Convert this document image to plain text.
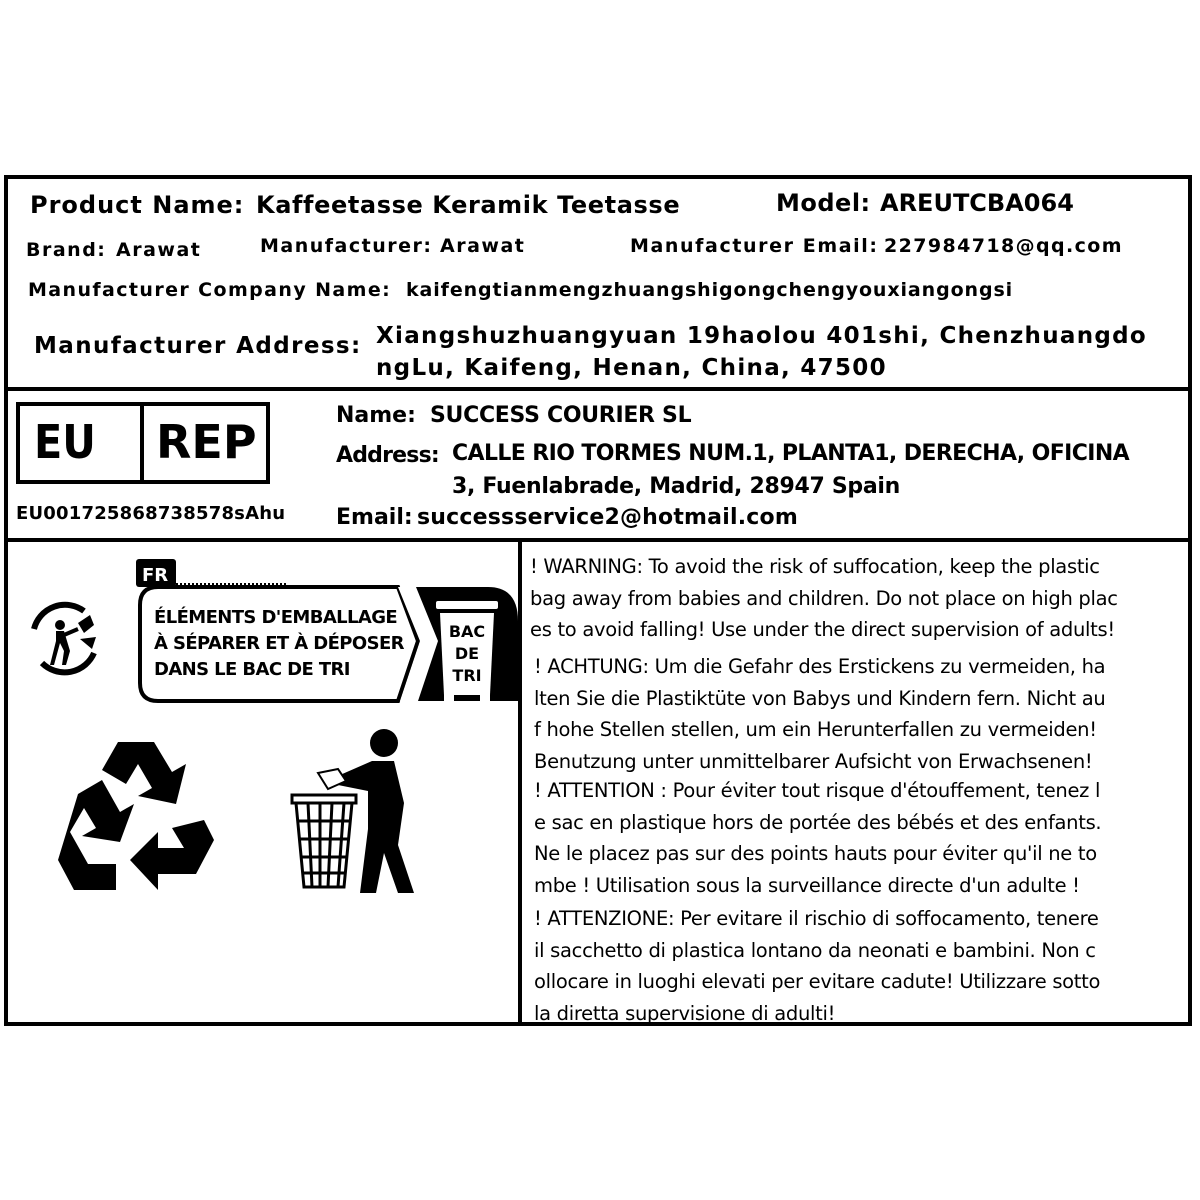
Product Name: Kaffeetasse Keramik Teetasse	Model: AREUTCBA064
Brand: Arawat	Manufacturer: Arawat	Manufacturer Email: 227984718@qq.com
Manufacturer Company Name: kaifengtianmengzhuangshigongchengyouxiangongsi
Manufacturer Address: Xiangshuzhuangyuan 19haolou 401shi, Chenzhuangdo
ngLu, Kaifeng, Henan, China, 47500
EU REP
EU001725868738578sAhu
Name: SUCCESS COURIER SL
Address: CALLE RIO TORMES NUM.1, PLANTA1, DERECHA, OFICINA
3, Fuenlabrade, Madrid, 28947 Spain
Email: successservice2@hotmail.com
FR
BAC
DE
TRI
ÉLÉMENTS D'EMBALLAGE
À SÉPARER ET À DÉPOSER
DANS LE BAC DE TRI
! WARNING: To avoid the risk of suffocation, keep the plastic
bag away from babies and children. Do not place on high plac
es to avoid falling! Use under the direct supervision of adults!
! ACHTUNG: Um die Gefahr des Erstickens zu vermeiden, ha
lten Sie die Plastiktüte von Babys und Kindern fern. Nicht au
f hohe Stellen stellen, um ein Herunterfallen zu vermeiden!
Benutzung unter unmittelbarer Aufsicht von Erwachsenen!
! ATTENTION : Pour éviter tout risque d'étouffement, tenez l
e sac en plastique hors de portée des bébés et des enfants.
Ne le placez pas sur des points hauts pour éviter qu'il ne to
mbe ! Utilisation sous la surveillance directe d'un adulte !
! ATTENZIONE: Per evitare il rischio di soffocamento, tenere
il sacchetto di plastica lontano da neonati e bambini. Non c
ollocare in luoghi elevati per evitare cadute! Utilizzare sotto
la diretta supervisione di adulti!
